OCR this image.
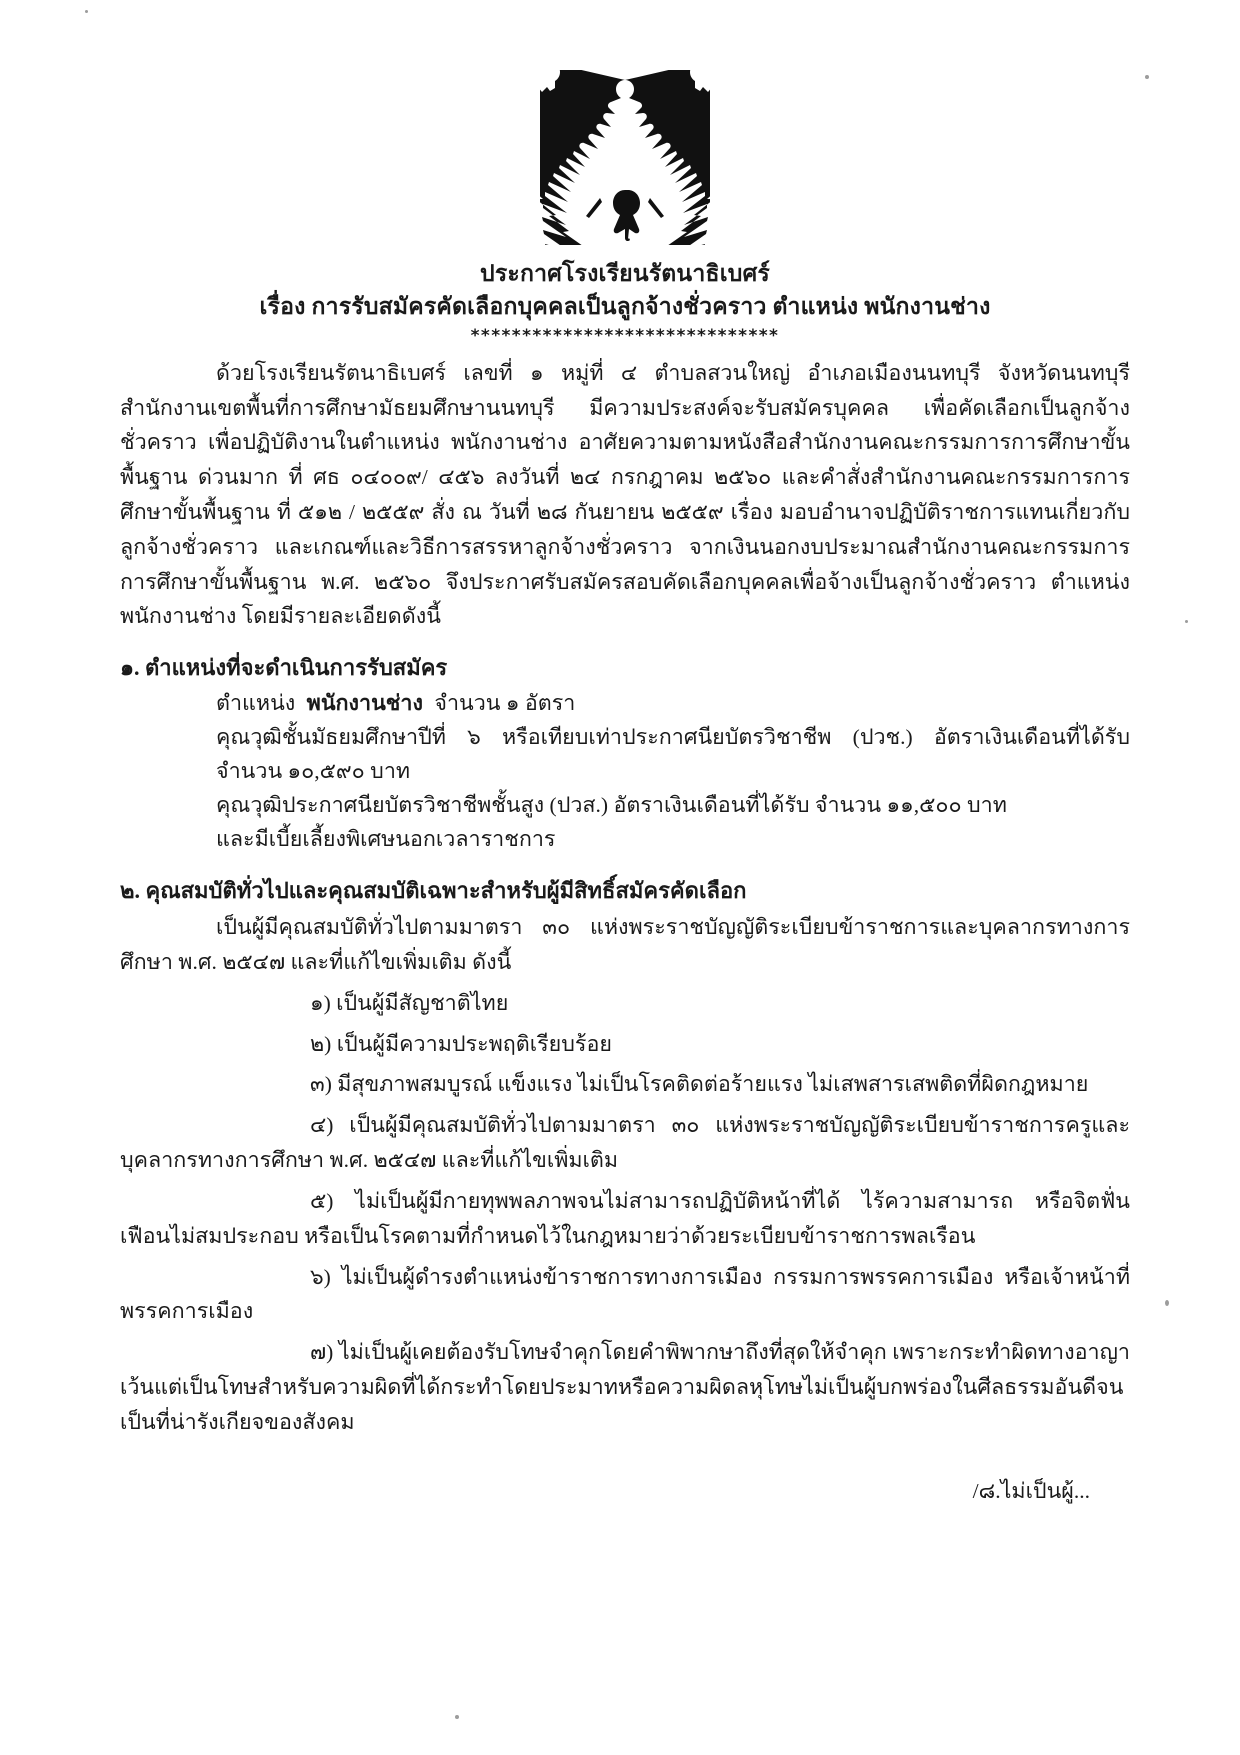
ประกาศโรงเรียนรัตนาธิเบศร์
เรื่อง การรับสมัครคัดเลือกบุคคลเป็นลูกจ้างชั่วคราว ตำแหน่ง พนักงานช่าง
******************************
ด้วยโรงเรียนรัตนาธิเบศร์ เลขที่ ๑ หมู่ที่ ๔ ตำบลสวนใหญ่ อำเภอเมืองนนทบุรี จังหวัดนนทบุรี สำนักงานเขตพื้นที่การศึกษามัธยมศึกษานนทบุรี มีความประสงค์จะรับสมัครบุคคล เพื่อคัดเลือกเป็นลูกจ้างชั่วคราว เพื่อปฏิบัติงานในตำแหน่ง พนักงานช่าง อาศัยความตามหนังสือสำนักงานคณะกรรมการการศึกษาขั้นพื้นฐาน ด่วนมาก ที่ ศธ ๐๔๐๐๙/ ๔๕๖ ลงวันที่ ๒๔ กรกฎาคม ๒๕๖๐ และคำสั่งสำนักงานคณะกรรมการการศึกษาขั้นพื้นฐาน ที่ ๕๑๒ / ๒๕๕๙ สั่ง ณ วันที่ ๒๘ กันยายน ๒๕๕๙ เรื่อง มอบอำนาจปฏิบัติราชการแทนเกี่ยวกับลูกจ้างชั่วคราว และเกณฑ์และวิธีการสรรหาลูกจ้างชั่วคราว จากเงินนอกงบประมาณสำนักงานคณะกรรมการการศึกษาขั้นพื้นฐาน พ.ศ. ๒๕๖๐ จึงประกาศรับสมัครสอบคัดเลือกบุคคลเพื่อจ้างเป็นลูกจ้างชั่วคราว ตำแหน่ง พนักงานช่าง โดยมีรายละเอียดดังนี้
๑. ตำแหน่งที่จะดำเนินการรับสมัคร
ตำแหน่ง พนักงานช่าง จำนวน ๑ อัตรา
คุณวุฒิชั้นมัธยมศึกษาปีที่ ๖ หรือเทียบเท่าประกาศนียบัตรวิชาชีพ (ปวช.) อัตราเงินเดือนที่ได้รับ จำนวน ๑๐,๕๙๐ บาท
คุณวุฒิประกาศนียบัตรวิชาชีพชั้นสูง (ปวส.) อัตราเงินเดือนที่ได้รับ จำนวน ๑๑,๕๐๐ บาท
และมีเบี้ยเลี้ยงพิเศษนอกเวลาราชการ
๒. คุณสมบัติทั่วไปและคุณสมบัติเฉพาะสำหรับผู้มีสิทธิ์สมัครคัดเลือก
เป็นผู้มีคุณสมบัติทั่วไปตามมาตรา ๓๐ แห่งพระราชบัญญัติระเบียบข้าราชการและบุคลากรทางการศึกษา พ.ศ. ๒๕๔๗ และที่แก้ไขเพิ่มเติม ดังนี้
๑) เป็นผู้มีสัญชาติไทย
๒) เป็นผู้มีความประพฤติเรียบร้อย
๓) มีสุขภาพสมบูรณ์ แข็งแรง ไม่เป็นโรคติดต่อร้ายแรง ไม่เสพสารเสพติดที่ผิดกฎหมาย
๔) เป็นผู้มีคุณสมบัติทั่วไปตามมาตรา ๓๐ แห่งพระราชบัญญัติระเบียบข้าราชการครูและบุคลากรทางการศึกษา พ.ศ. ๒๕๔๗ และที่แก้ไขเพิ่มเติม
๕) ไม่เป็นผู้มีกายทุพพลภาพจนไม่สามารถปฏิบัติหน้าที่ได้ ไร้ความสามารถ หรือจิตฟั่นเฟือนไม่สมประกอบ หรือเป็นโรคตามที่กำหนดไว้ในกฎหมายว่าด้วยระเบียบข้าราชการพลเรือน
๖) ไม่เป็นผู้ดำรงตำแหน่งข้าราชการทางการเมือง กรรมการพรรคการเมือง หรือเจ้าหน้าที่พรรคการเมือง
๗) ไม่เป็นผู้เคยต้องรับโทษจำคุกโดยคำพิพากษาถึงที่สุดให้จำคุก เพราะกระทำผิดทางอาญา เว้นแต่เป็นโทษสำหรับความผิดที่ได้กระทำโดยประมาทหรือความผิดลหุโทษไม่เป็นผู้บกพร่องในศีลธรรมอันดีจนเป็นที่น่ารังเกียจของสังคม
/๘.ไม่เป็นผู้...
